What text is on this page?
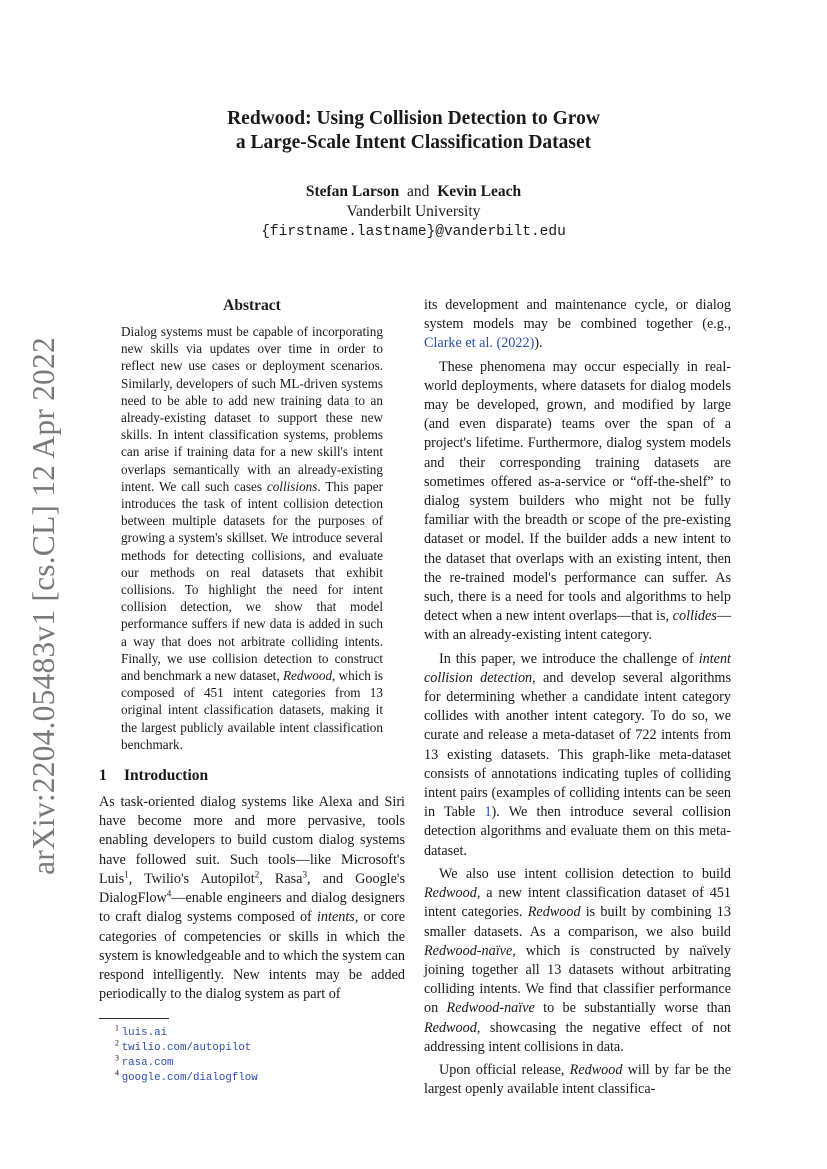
arXiv:2204.05483v1 [cs.CL] 12 Apr 2022
Redwood: Using Collision Detection to Grow
a Large-Scale Intent Classification Dataset
Stefan Larson and Kevin Leach
Vanderbilt University
{firstname.lastname}@vanderbilt.edu
Abstract
Dialog systems must be capable of incorporating new skills via updates over time in order to reflect new use cases or deployment scenarios. Similarly, developers of such ML-driven systems need to be able to add new training data to an already-existing dataset to support these new skills. In intent classification systems, problems can arise if training data for a new skill's intent overlaps semantically with an already-existing intent. We call such cases collisions. This paper introduces the task of intent collision detection between multiple datasets for the purposes of growing a system's skillset. We introduce several methods for detecting collisions, and evaluate our methods on real datasets that exhibit collisions. To highlight the need for intent collision detection, we show that model performance suffers if new data is added in such a way that does not arbitrate colliding intents. Finally, we use collision detection to construct and benchmark a new dataset, Redwood, which is composed of 451 intent categories from 13 original intent classification datasets, making it the largest publicly available intent classification benchmark.
1 Introduction

As task-oriented dialog systems like Alexa and Siri have become more and more pervasive, tools enabling developers to build custom dialog systems have followed suit. Such tools—like Microsoft's Luis$^1$, Twilio's Autopilot$^2$, Rasa$^3$, and Google's DialogFlow$^4$—enable engineers and dialog designers to craft dialog systems composed of intents, or core categories of competencies or skills in which the system is knowledgeable and to which the system can respond intelligently. New intents may be added periodically to the dialog system as part of

$^1$ luis.ai
$^2$ twilio.com/autopilot
$^3$ rasa.com
$^4$ google.com/dialogflow

its development and maintenance cycle, or dialog system models may be combined together (e.g., Clarke et al. (2022)).

These phenomena may occur especially in real-world deployments, where datasets for dialog models may be developed, grown, and modified by large (and even disparate) teams over the span of a project's lifetime. Furthermore, dialog system models and their corresponding training datasets are sometimes offered as-a-service or “off-the-shelf” to dialog system builders who might not be fully familiar with the breadth or scope of the pre-existing dataset or model. If the builder adds a new intent to the dataset that overlaps with an existing intent, then the re-trained model's performance can suffer. As such, there is a need for tools and algorithms to help detect when a new intent overlaps—that is, collides—with an already-existing intent category.

In this paper, we introduce the challenge of intent collision detection, and develop several algorithms for determining whether a candidate intent category collides with another intent category. To do so, we curate and release a meta-dataset of 722 intents from 13 existing datasets. This graph-like meta-dataset consists of annotations indicating tuples of colliding intent pairs (examples of colliding intents can be seen in Table 1). We then introduce several collision detection algorithms and evaluate them on this meta-dataset.

We also use intent collision detection to build Redwood, a new intent classification dataset of 451 intent categories. Redwood is built by combining 13 smaller datasets. As a comparison, we also build Redwood-naïve, which is constructed by naïvely joining together all 13 datasets without arbitrating colliding intents. We find that classifier performance on Redwood-naïve to be substantially worse than Redwood, showcasing the negative effect of not addressing intent collisions in data.

Upon official release, Redwood will by far be the largest openly available intent classifica-
